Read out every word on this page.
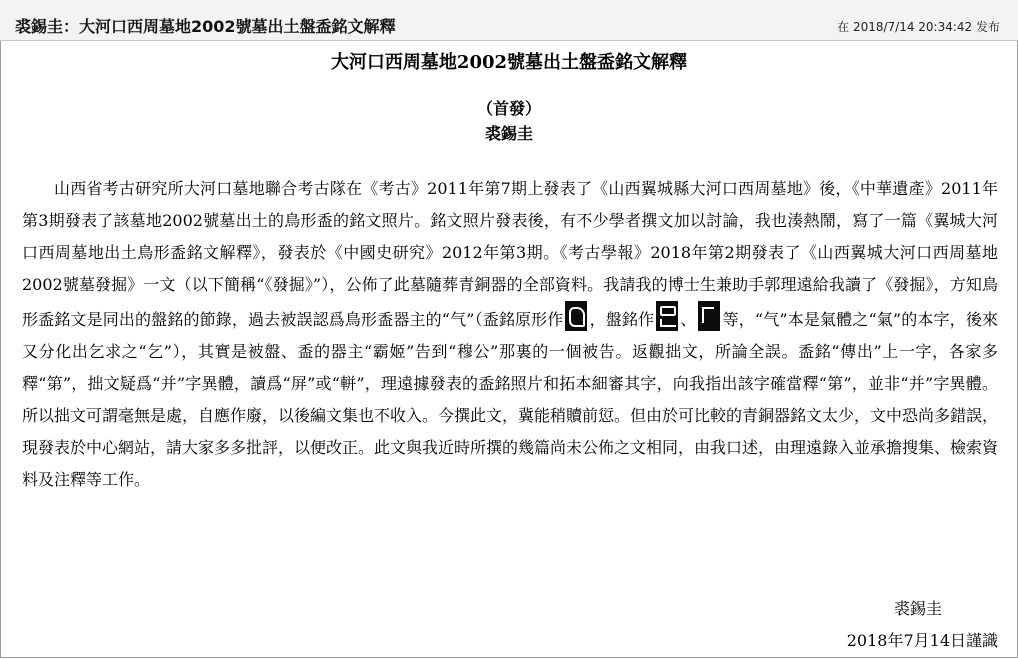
裘錫圭：大河口西周墓地2002號墓出土盤盉銘文解釋	在 2018/7/14 20:34:42 发布
大河口西周墓地2002號墓出土盤盉銘文解釋
（首發）
裘錫圭

山西省考古研究所大河口墓地聯合考古隊在《考古》2011年第7期上發表了《山西翼城縣大河口西周墓地》後，《中華遺產》2011年第3期發表了該墓地2002號墓出土的鳥形盉的銘文照片。銘文照片發表後，有不少學者撰文加以討論，我也湊熱鬧，寫了一篇《翼城大河口西周墓地出土鳥形盉銘文解釋》，發表於《中國史研究》2012年第3期。《考古學報》2018年第2期發表了《山西翼城大河口西周墓地2002號墓發掘》一文（以下簡稱“《發掘》”），公佈了此墓隨葬青銅器的全部資料。我請我的博士生兼助手郭理遠給我讀了《發掘》，方知鳥形盉銘文是同出的盤銘的節錄，過去被誤認爲鳥形盉器主的“气”（盉銘原形作 ，盤銘作 、 等，“气”本是氣體之“氣”的本字，後來又分化出乞求之“乞”），其實是被盤、盉的器主“霸姬”告到“穆公”那裏的一個被告。返觀拙文，所論全誤。盉銘“傳出”上一字，各家多釋“第”，拙文疑爲“并”字異體，讀爲“屏”或“軿”，理遠據發表的盉銘照片和拓本細審其字，向我指出該字確當釋“第”，並非“并”字異體。所以拙文可謂毫無是處，自應作廢，以後編文集也不收入。今撰此文，冀能稍贖前愆。但由於可比較的青銅器銘文太少，文中恐尚多錯誤，現發表於中心網站，請大家多多批評，以便改正。此文與我近時所撰的幾篇尚未公佈之文相同，由我口述，由理遠錄入並承擔搜集、檢索資料及注釋等工作。

裘錫圭
2018年7月14日謹識
